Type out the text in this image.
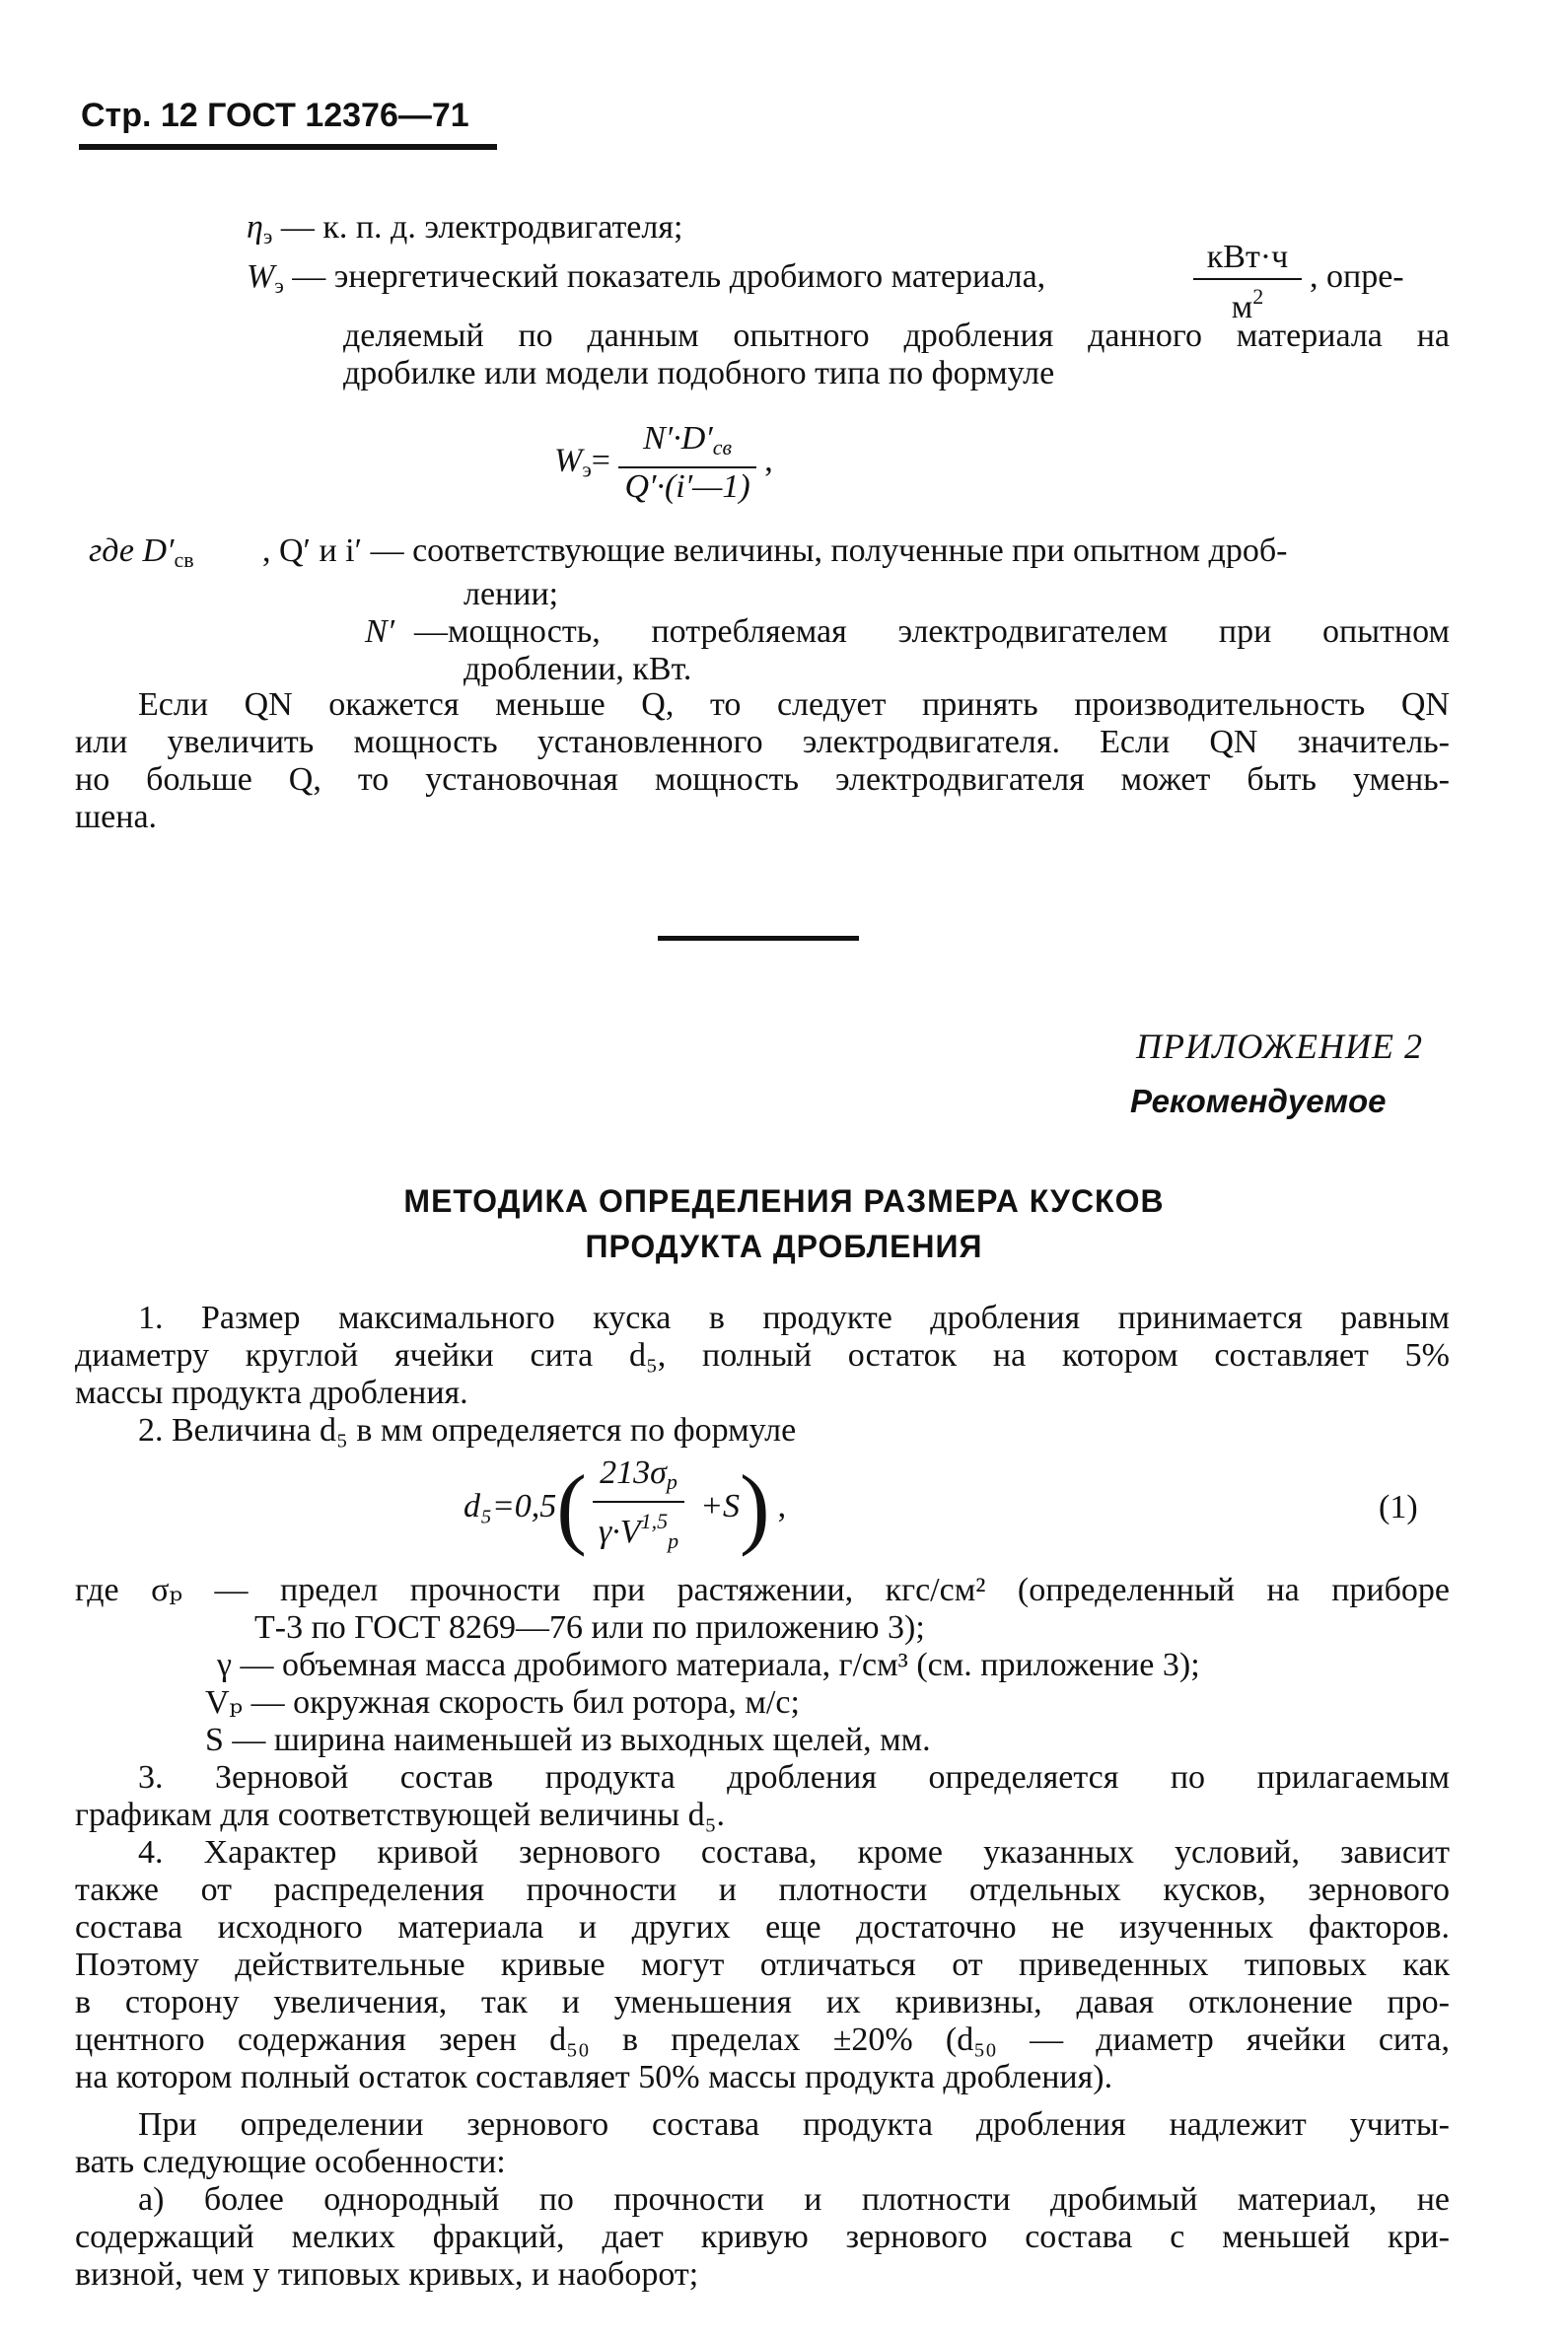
Стр. 12 ГОСТ 12376—71
$\eta_э$ — к. п. д. электродвигателя;
$W_э$ — энергетический показатель дробимого материала,
кВт·ч
$м^2$
, опре-
деляемый по данным опытного дробления данного материала на
дробилке или модели подобного типа по формуле
$W_э= \frac{N'\cdot D'_{св}}{Q'\cdot(i'—1)}$ ,
где $D'_{св}$ , Q′ и i′ — соответствующие величины, полученные при опытном дроб-
лении;
N′ —мощность, потребляемая электродвигателем при опытном
дроблении, кВт.
Если QN окажется меньше Q, то следует принять производительность QN
или увеличить мощность установленного электродвигателя. Если QN значитель-
но больше Q, то установочная мощность электродвигателя может быть умень-
шена.
ПРИЛОЖЕНИЕ 2
Рекомендуемое
МЕТОДИКА ОПРЕДЕЛЕНИЯ РАЗМЕРА КУСКОВ
ПРОДУКТА ДРОБЛЕНИЯ
1. Размер максимального куска в продукте дробления принимается равным
диаметру круглой ячейки сита d₅, полный остаток на котором составляет 5%
массы продукта дробления.
2. Величина d₅ в мм определяется по формуле
d₅=0,5 ( $\frac{213\sigma_p}{\gamma\cdot V^{1,5}_p} +S$ ) ,	(1)
где σₚ — предел прочности при растяжении, кгс/см² (определенный на приборе
Т-3 по ГОСТ 8269—76 или по приложению 3);
γ — объемная масса дробимого материала, г/см³ (см. приложение 3);
Vₚ — окружная скорость бил ротора, м/с;
S — ширина наименьшей из выходных щелей, мм.
3. Зерновой состав продукта дробления определяется по прилагаемым
графикам для соответствующей величины d₅.
4. Характер кривой зернового состава, кроме указанных условий, зависит
также от распределения прочности и плотности отдельных кусков, зернового
состава исходного материала и других еще достаточно не изученных факторов.
Поэтому действительные кривые могут отличаться от приведенных типовых как
в сторону увеличения, так и уменьшения их кривизны, давая отклонение про-
центного содержания зерен d₅₀ в пределах ±20% (d₅₀ — диаметр ячейки сита,
на котором полный остаток составляет 50% массы продукта дробления).
При определении зернового состава продукта дробления надлежит учиты-
вать следующие особенности:
а) более однородный по прочности и плотности дробимый материал, не
содержащий мелких фракций, дает кривую зернового состава с меньшей кри-
визной, чем у типовых кривых, и наоборот;
